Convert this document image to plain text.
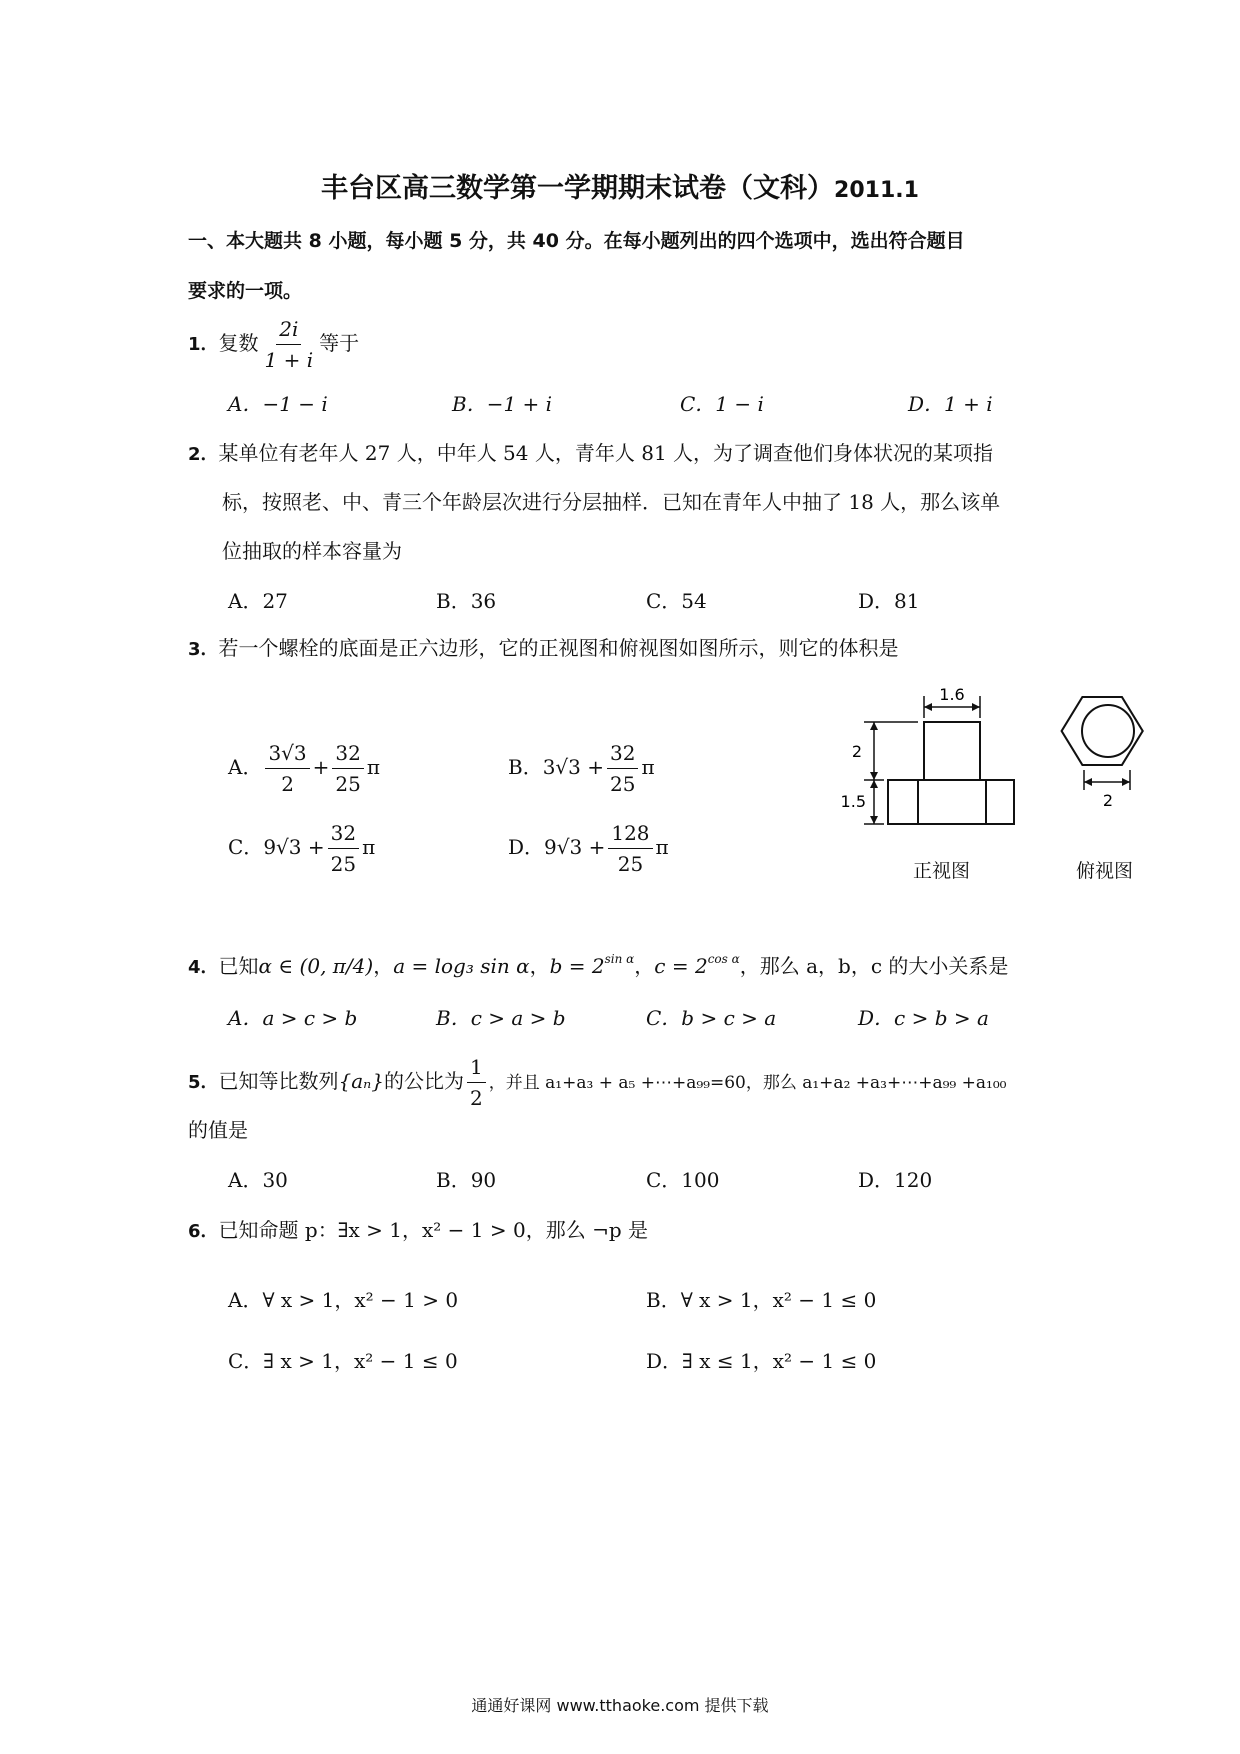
丰台区高三数学第一学期期末试卷（文科）2011.1
一、本大题共 8 小题，每小题 5 分，共 40 分。在每小题列出的四个选项中，选出符合题目
要求的一项。
1．复数 $\frac{2i}{1 + i}$ 等于
A．−1 − i	B．−1 + i	C．1 − i	D．1 + i
2．某单位有老年人 27 人，中年人 54 人，青年人 81 人，为了调查他们身体状况的某项指
标，按照老、中、青三个年龄层次进行分层抽样．已知在青年人中抽了 18 人，那么该单
位抽取的样本容量为
A．27	B．36	C．54	D．81
3．若一个螺栓的底面是正六边形，它的正视图和俯视图如图所示，则它的体积是
A． $\frac{3√3}{2} + \frac{32}{25}$ π	B．$3√3 + \frac{32}{25}$ π
C．$9√3 + \frac{32}{25}$ π	D．$9√3 + \frac{128}{25}$ π
1.6
2
1.5	2
正视图	俯视图
4．已知α ∈ (0, π/4)，a = log₃ sin α，$b = 2^{sin \alpha}$，$c = 2^{cos \alpha}$，那么 a，b，c 的大小关系是
A．a > c > b	B．c > a > b	C．b > c > a	D．c > b > a
5．已知等比数列{aₙ}的公比为 $\frac{1}{2}$ ，并且 a₁+a₃ + a₅ +⋯+a₉₉=60，那么 a₁+a₂ +a₃+⋯+a₉₉ +a₁₀₀
的值是
A．30	B．90	C．100	D．120
6．已知命题 p：∃x > 1，x² − 1 > 0，那么 ¬p 是
A．∀ x > 1，x² − 1 > 0	B．∀ x > 1，x² − 1 ≤ 0
C．∃ x > 1，x² − 1 ≤ 0	D．∃ x ≤ 1，x² − 1 ≤ 0
通通好课网 www.tthaoke.com 提供下载
